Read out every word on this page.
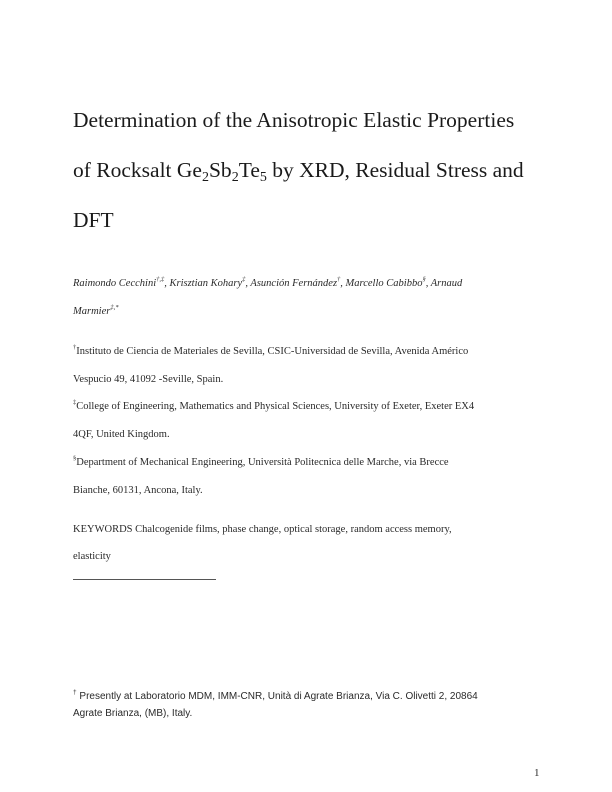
Determination of the Anisotropic Elastic Properties
of Rocksalt $Ge_2Sb_2Te_5$ by XRD, Residual Stress and
DFT
Raimondo Cecchini†,‡, Krisztian Kohary‡, Asunción Fernández†, Marcello Cabibbo§, Arnaud
Marmier‡,*
†Instituto de Ciencia de Materiales de Sevilla, CSIC-Universidad de Sevilla, Avenida Américo
Vespucio 49, 41092 -Seville, Spain.
‡College of Engineering, Mathematics and Physical Sciences, University of Exeter, Exeter EX4
4QF, United Kingdom.
§Department of Mechanical Engineering, Università Politecnica delle Marche, via Brecce
Bianche, 60131, Ancona, Italy.
KEYWORDS Chalcogenide films, phase change, optical storage, random access memory,
elasticity
† Presently at Laboratorio MDM, IMM-CNR, Unità di Agrate Brianza, Via C. Olivetti 2, 20864
Agrate Brianza, (MB), Italy.
1
